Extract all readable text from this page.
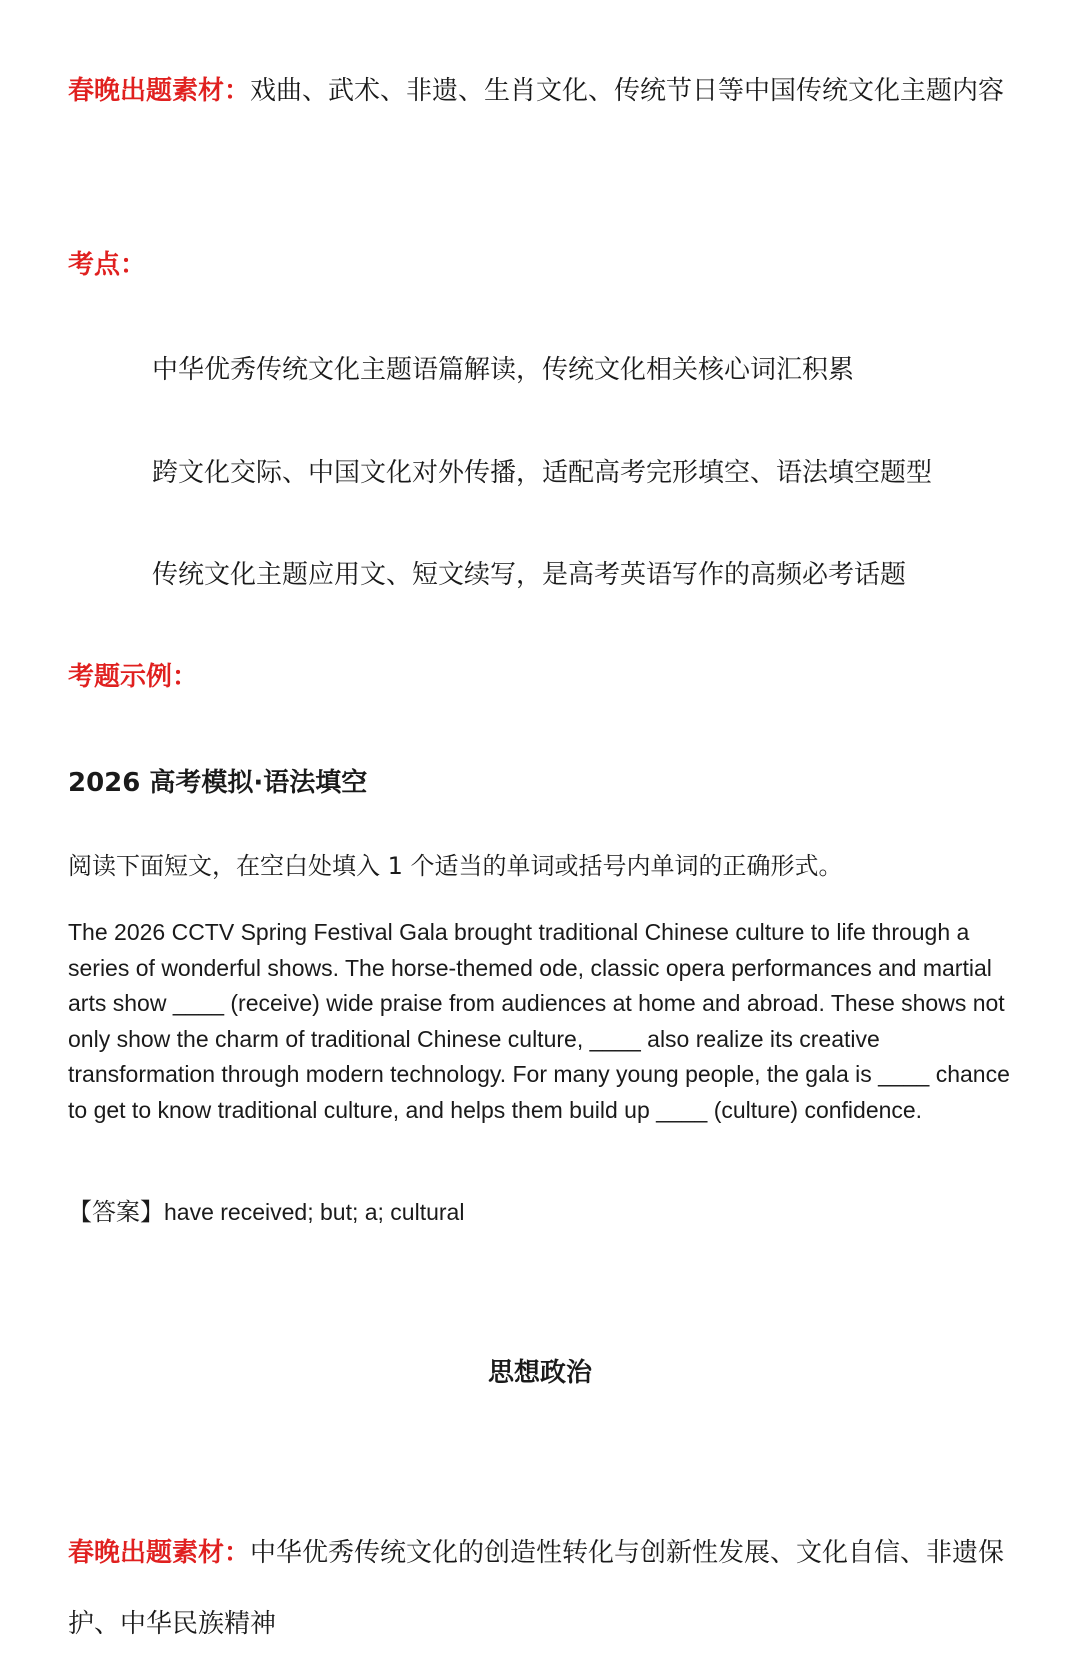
春晚出题素材：戏曲、武术、非遗、生肖文化、传统节日等中国传统文化主题内容

考点：

中华优秀传统文化主题语篇解读，传统文化相关核心词汇积累

跨文化交际、中国文化对外传播，适配高考完形填空、语法填空题型

传统文化主题应用文、短文续写，是高考英语写作的高频必考话题

考题示例：

2026 高考模拟·语法填空

阅读下面短文，在空白处填入 1 个适当的单词或括号内单词的正确形式。

The 2026 CCTV Spring Festival Gala brought traditional Chinese culture to life through a series of wonderful shows. The horse-themed ode, classic opera performances and martial arts show ____ (receive) wide praise from audiences at home and abroad. These shows not only show the charm of traditional Chinese culture, ____ also realize its creative transformation through modern technology. For many young people, the gala is ____ chance to get to know traditional culture, and helps them build up ____ (culture) confidence.

【答案】have received; but; a; cultural

思想政治

春晚出题素材：中华优秀传统文化的创造性转化与创新性发展、文化自信、非遗保护、中华民族精神
